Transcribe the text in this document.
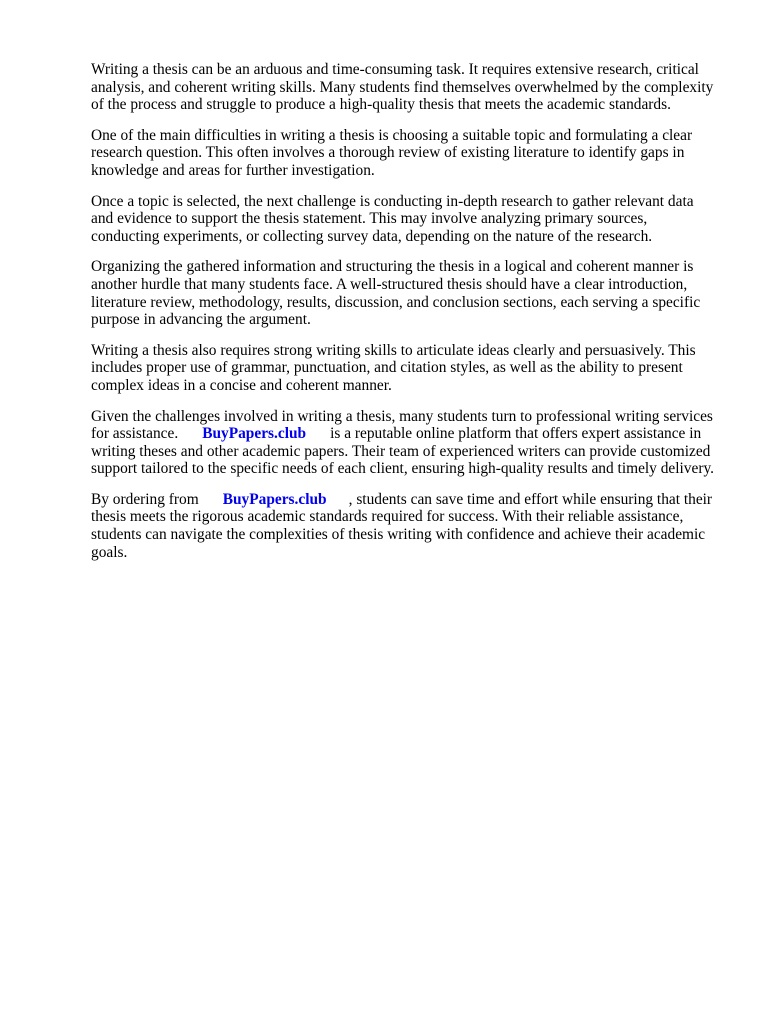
Writing a thesis can be an arduous and time-consuming task. It requires extensive research, critical
analysis, and coherent writing skills. Many students find themselves overwhelmed by the complexity
of the process and struggle to produce a high-quality thesis that meets the academic standards.

One of the main difficulties in writing a thesis is choosing a suitable topic and formulating a clear
research question. This often involves a thorough review of existing literature to identify gaps in
knowledge and areas for further investigation.

Once a topic is selected, the next challenge is conducting in-depth research to gather relevant data
and evidence to support the thesis statement. This may involve analyzing primary sources,
conducting experiments, or collecting survey data, depending on the nature of the research.

Organizing the gathered information and structuring the thesis in a logical and coherent manner is
another hurdle that many students face. A well-structured thesis should have a clear introduction,
literature review, methodology, results, discussion, and conclusion sections, each serving a specific
purpose in advancing the argument.

Writing a thesis also requires strong writing skills to articulate ideas clearly and persuasively. This
includes proper use of grammar, punctuation, and citation styles, as well as the ability to present
complex ideas in a concise and coherent manner.

Given the challenges involved in writing a thesis, many students turn to professional writing services
for assistance. BuyPapers.club is a reputable online platform that offers expert assistance in
writing theses and other academic papers. Their team of experienced writers can provide customized
support tailored to the specific needs of each client, ensuring high-quality results and timely delivery.

By ordering from BuyPapers.club , students can save time and effort while ensuring that their
thesis meets the rigorous academic standards required for success. With their reliable assistance,
students can navigate the complexities of thesis writing with confidence and achieve their academic
goals.
